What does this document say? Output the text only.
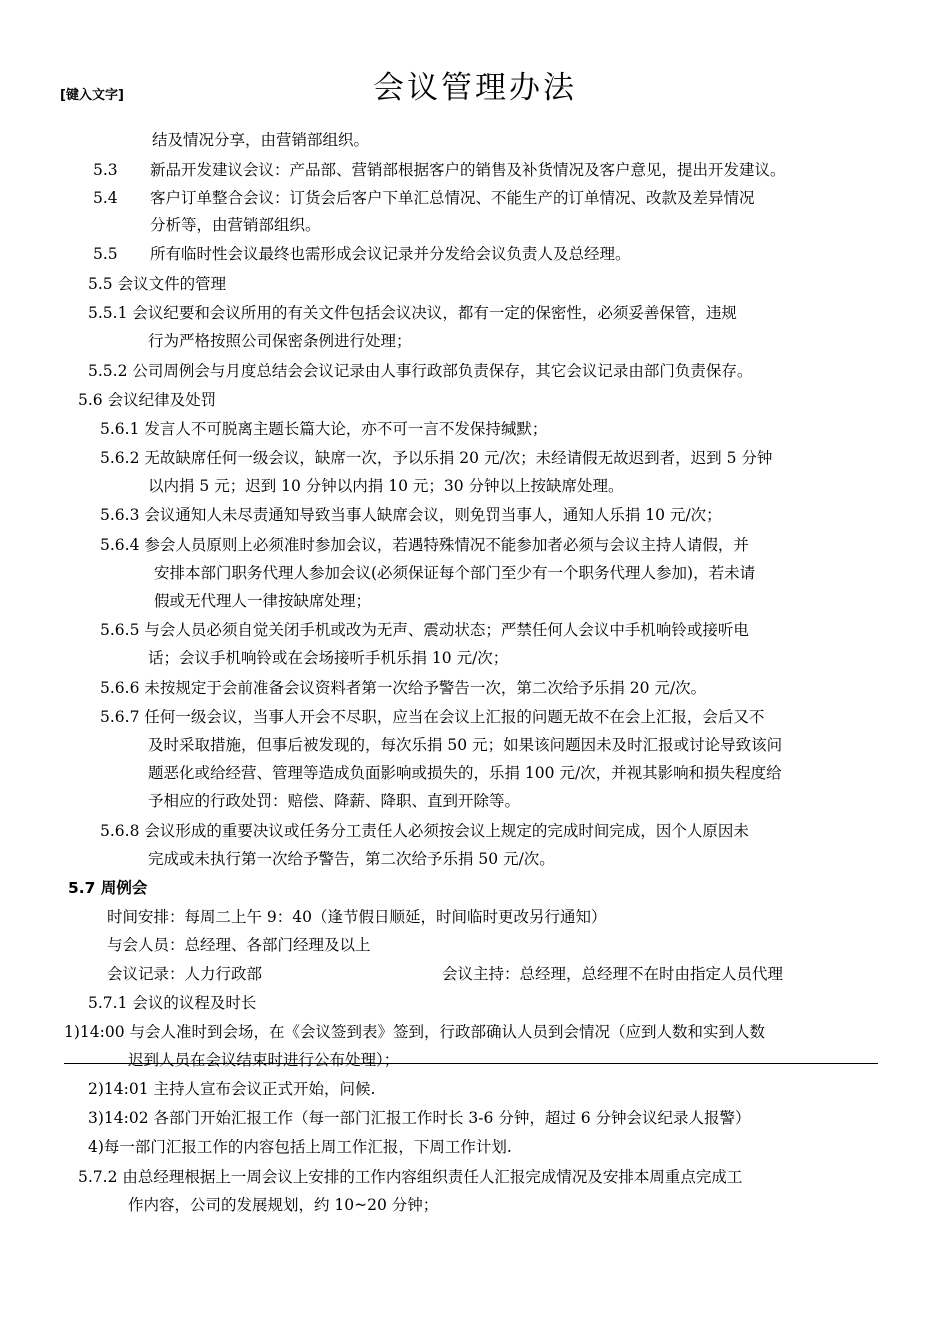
[键入文字]	会议管理办法
结及情况分享，由营销部组织。
5.3 新品开发建议会议：产品部、营销部根据客户的销售及补货情况及客户意见，提出开发建议。
5.4 客户订单整合会议：订货会后客户下单汇总情况、不能生产的订单情况、改款及差异情况
分析等，由营销部组织。
5.5 所有临时性会议最终也需形成会议记录并分发给会议负责人及总经理。
5.5 会议文件的管理
5.5.1 会议纪要和会议所用的有关文件包括会议决议，都有一定的保密性，必须妥善保管，违规
行为严格按照公司保密条例进行处理；
5.5.2 公司周例会与月度总结会会议记录由人事行政部负责保存，其它会议记录由部门负责保存。
5.6 会议纪律及处罚
5.6.1 发言人不可脱离主题长篇大论，亦不可一言不发保持缄默；
5.6.2 无故缺席任何一级会议，缺席一次，予以乐捐 20 元/次；未经请假无故迟到者，迟到 5 分钟
以内捐 5 元；迟到 10 分钟以内捐 10 元；30 分钟以上按缺席处理。
5.6.3 会议通知人未尽责通知导致当事人缺席会议，则免罚当事人，通知人乐捐 10 元/次；
5.6.4 参会人员原则上必须准时参加会议，若遇特殊情况不能参加者必须与会议主持人请假，并
安排本部门职务代理人参加会议(必须保证每个部门至少有一个职务代理人参加)，若未请
假或无代理人一律按缺席处理；
5.6.5 与会人员必须自觉关闭手机或改为无声、震动状态；严禁任何人会议中手机响铃或接听电
话；会议手机响铃或在会场接听手机乐捐 10 元/次；
5.6.6 未按规定于会前准备会议资料者第一次给予警告一次，第二次给予乐捐 20 元/次。
5.6.7 任何一级会议，当事人开会不尽职，应当在会议上汇报的问题无故不在会上汇报，会后又不
及时采取措施，但事后被发现的，每次乐捐 50 元；如果该问题因未及时汇报或讨论导致该问
题恶化或给经营、管理等造成负面影响或损失的，乐捐 100 元/次，并视其影响和损失程度给
予相应的行政处罚：赔偿、降薪、降职、直到开除等。
5.6.8 会议形成的重要决议或任务分工责任人必须按会议上规定的完成时间完成，因个人原因未
完成或未执行第一次给予警告，第二次给予乐捐 50 元/次。
5.7 周例会
时间安排：每周二上午 9：40（逢节假日顺延，时间临时更改另行通知）
与会人员：总经理、各部门经理及以上
会议记录：人力行政部	会议主持：总经理，总经理不在时由指定人员代理
5.7.1 会议的议程及时长
1)14:00 与会人准时到会场，在《会议签到表》签到，行政部确认人员到会情况（应到人数和实到人数
迟到人员在会议结束时进行公布处理）；
2)14:01 主持人宣布会议正式开始，问候.
3)14:02 各部门开始汇报工作（每一部门汇报工作时长 3-6 分钟，超过 6 分钟会议纪录人报警）
4)每一部门汇报工作的内容包括上周工作汇报，下周工作计划.
5.7.2 由总经理根据上一周会议上安排的工作内容组织责任人汇报完成情况及安排本周重点完成工
作内容，公司的发展规划，约 10~20 分钟；
